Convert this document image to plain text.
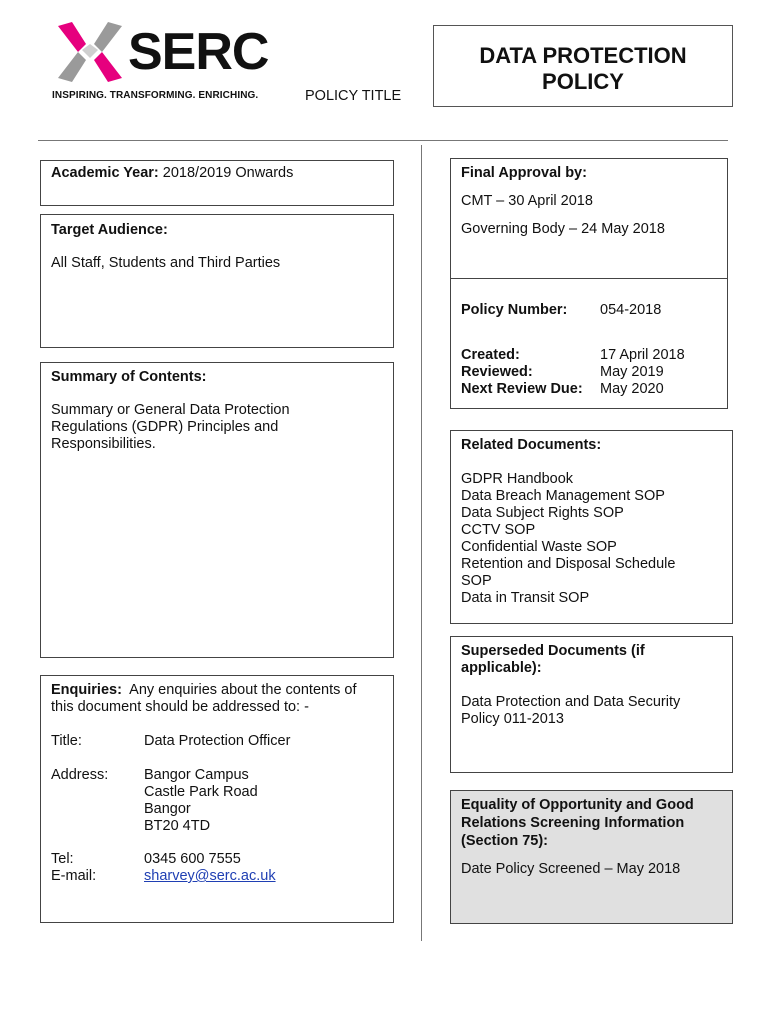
SERC
INSPIRING. TRANSFORMING. ENRICHING.	POLICY TITLE
DATA PROTECTION
POLICY
Academic Year: 2018/2019 Onwards
Target Audience:
All Staff, Students and Third Parties
Summary of Contents:
Summary or General Data Protection
Regulations (GDPR) Principles and
Responsibilities.
Enquiries: Any enquiries about the contents of
this document should be addressed to: -
Title:	Data Protection Officer
Address: Bangor Campus
Castle Park Road
Bangor
BT20 4TD
Tel:	0345 600 7555
E-mail:	sharvey@serc.ac.uk
Final Approval by:
CMT – 30 April 2018
Governing Body – 24 May 2018
Policy Number: 054-2018
Created:	17 April 2018
Reviewed:	May 2019
Next Review Due: May 2020
Related Documents:
GDPR Handbook
Data Breach Management SOP
Data Subject Rights SOP
CCTV SOP
Confidential Waste SOP
Retention and Disposal Schedule
SOP
Data in Transit SOP
Superseded Documents (if
applicable):
Data Protection and Data Security
Policy 011-2013
Equality of Opportunity and Good
Relations Screening Information
(Section 75):
Date Policy Screened – May 2018
